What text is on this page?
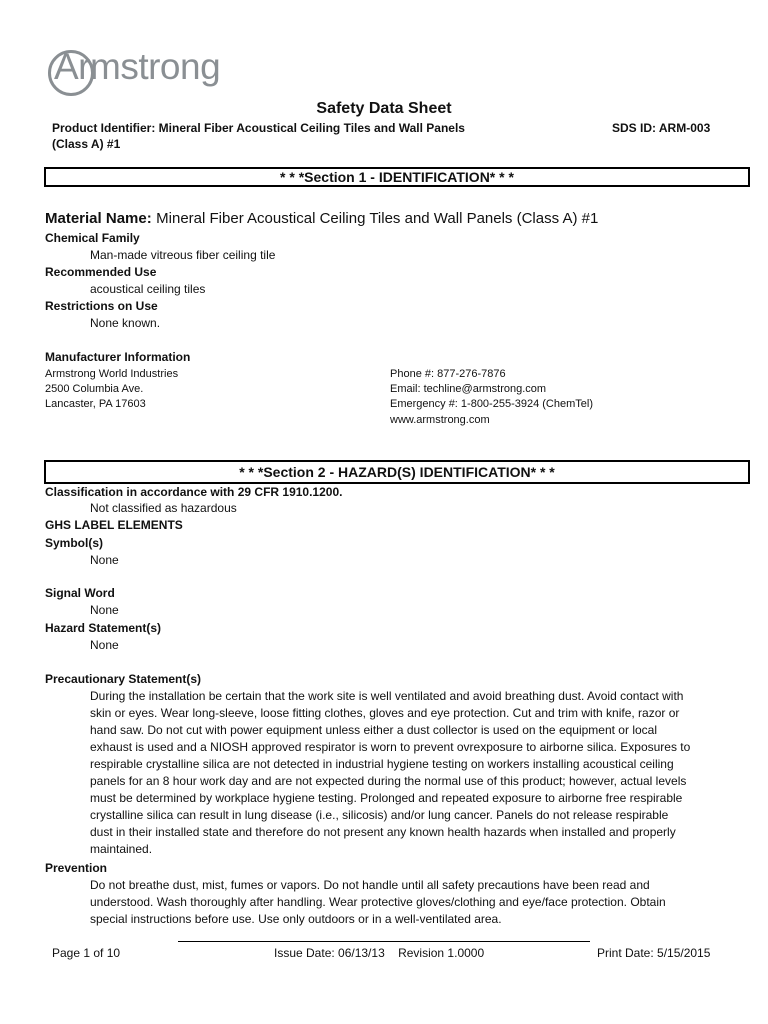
Armstrong
Safety Data Sheet
Product Identifier: Mineral Fiber Acoustical Ceiling Tiles and Wall Panels
(Class A) #1
SDS ID: ARM-003
* * *Section 1 - IDENTIFICATION* * *
Material Name: Mineral Fiber Acoustical Ceiling Tiles and Wall Panels (Class A) #1
Chemical Family
Man-made vitreous fiber ceiling tile
Recommended Use
acoustical ceiling tiles
Restrictions on Use
None known.
Manufacturer Information
Armstrong World Industries
2500 Columbia Ave.
Lancaster, PA 17603
Phone #: 877-276-7876
Email: techline@armstrong.com
Emergency #: 1-800-255-3924 (ChemTel)
www.armstrong.com
* * *Section 2 - HAZARD(S) IDENTIFICATION* * *
Classification in accordance with 29 CFR 1910.1200.
Not classified as hazardous
GHS LABEL ELEMENTS
Symbol(s)
None
Signal Word
None
Hazard Statement(s)
None
Precautionary Statement(s)
During the installation be certain that the work site is well ventilated and avoid breathing dust. Avoid contact with
skin or eyes. Wear long-sleeve, loose fitting clothes, gloves and eye protection. Cut and trim with knife, razor or
hand saw. Do not cut with power equipment unless either a dust collector is used on the equipment or local
exhaust is used and a NIOSH approved respirator is worn to prevent ovrexposure to airborne silica. Exposures to
respirable crystalline silica are not detected in industrial hygiene testing on workers installing acoustical ceiling
panels for an 8 hour work day and are not expected during the normal use of this product; however, actual levels
must be determined by workplace hygiene testing. Prolonged and repeated exposure to airborne free respirable
crystalline silica can result in lung disease (i.e., silicosis) and/or lung cancer. Panels do not release respirable
dust in their installed state and therefore do not present any known health hazards when installed and properly
maintained.
Prevention
Do not breathe dust, mist, fumes or vapors. Do not handle until all safety precautions have been read and
understood. Wash thoroughly after handling. Wear protective gloves/clothing and eye/face protection. Obtain
special instructions before use. Use only outdoors or in a well-ventilated area.
Page 1 of 10	Issue Date: 06/13/13    Revision 1.0000	Print Date: 5/15/2015
